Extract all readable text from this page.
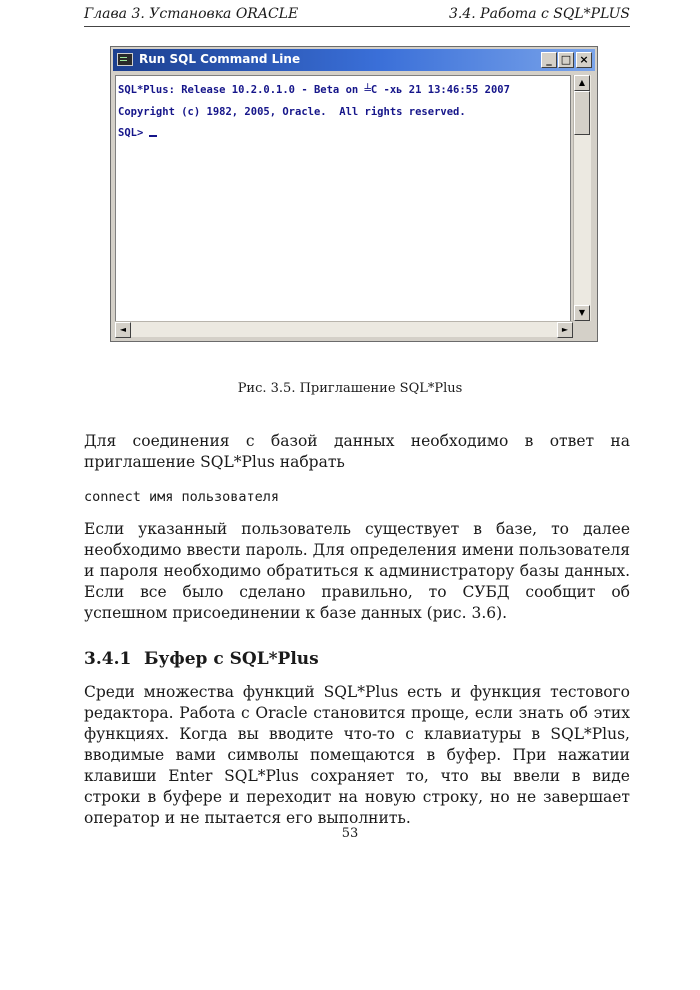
Глава 3. Установка ORACLE	3.4. Работа с SQL*PLUS
Run SQL Command Line	_ □ ×
SQL*Plus: Release 10.2.0.1.0 - Beta on ╧C -хь 21 13:46:55 2007
Copyright (c) 1982, 2005, Oracle.  All rights reserved.
SQL>
▲
▼
◄	►
Рис. 3.5. Приглашение SQL*Plus

Для соединения с базой данных необходимо в ответ на приглашение SQL*Plus набрать

connect имя пользователя

Если указанный пользователь существует в базе, то далее необходимо ввести пароль. Для определения имени пользователя и пароля необходимо обратиться к администратору базы данных. Если все было сделано правильно, то СУБД сообщит об успешном присоединении к базе данных (рис. 3.6).

3.4.1 Буфер с SQL*Plus

Среди множества функций SQL*Plus есть и функция тестового редактора. Работа с Oracle становится проще, если знать об этих функциях. Когда вы вводите что-то с клавиатуры в SQL*Plus, вводимые вами символы помещаются в буфер. При нажатии клавиши Enter SQL*Plus сохраняет то, что вы ввели в виде строки в буфере и переходит на новую строку, но не завершает оператор и не пытается его выполнить.

53
